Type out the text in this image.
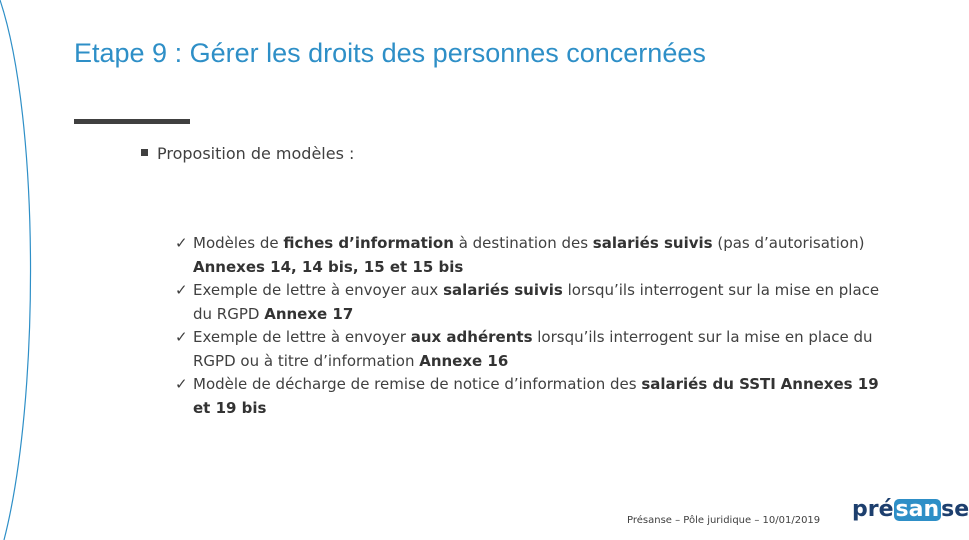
Etape 9 : Gérer les droits des personnes concernées
Proposition de modèles :
✓ Modèles de fiches d’information à destination des salariés suivis (pas d’autorisation) Annexes 14, 14 bis, 15 et 15 bis
✓ Exemple de lettre à envoyer aux salariés suivis lorsqu’ils interrogent sur la mise en place du RGPD Annexe 17
✓ Exemple de lettre à envoyer aux adhérents lorsqu’ils interrogent sur la mise en place du RGPD ou à titre d’information Annexe 16
✓ Modèle de décharge de remise de notice d’information des salariés du SSTI Annexes 19 et 19 bis
Présanse – Pôle juridique – 10/01/2019 présanse
